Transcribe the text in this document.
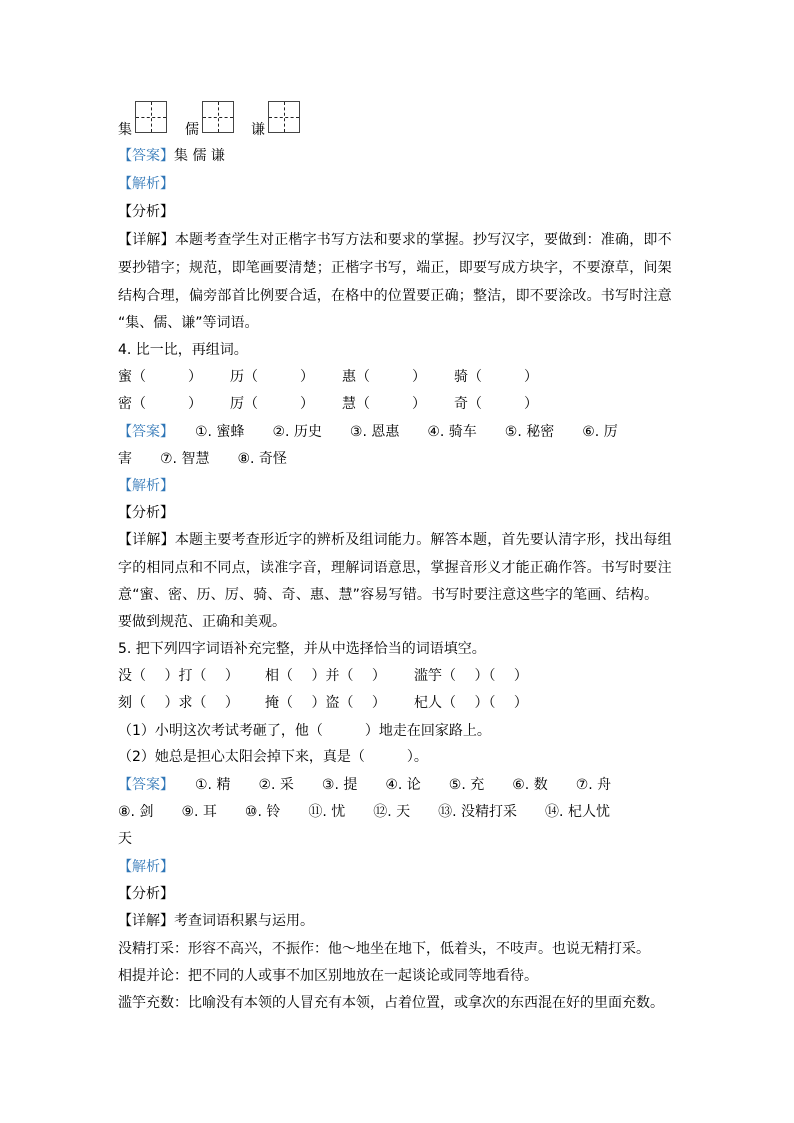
集	儒	谦
【答案】集 儒 谦
【解析】
【分析】
【详解】本题考查学生对正楷字书写方法和要求的掌握。抄写汉字，要做到：准确，即不
要抄错字；规范，即笔画要清楚；正楷字书写，端正，即要写成方块字，不要潦草，间架
结构合理，偏旁部首比例要合适，在格中的位置要正确；整洁，即不要涂改。书写时注意
“集、儒、谦”等词语。
4. 比一比，再组词。
蜜（　　　） 历（　　　） 惠（　　　） 骑（　　　）
密（　　　） 厉（　　　） 慧（　　　） 奇（　　　）
【答案】　　①. 蜜蜂　　②. 历史　　③. 恩惠　　④. 骑车　　⑤. 秘密　　⑥. 厉
害　　⑦. 智慧　　⑧. 奇怪
【解析】
【分析】
【详解】本题主要考查形近字的辨析及组词能力。解答本题，首先要认清字形，找出每组
字的相同点和不同点，读准字音，理解词语意思，掌握音形义才能正确作答。书写时要注
意“蜜、密、历、厉、骑、奇、惠、慧”容易写错。书写时要注意这些字的笔画、结构。
要做到规范、正确和美观。
5. 把下列四字词语补充完整，并从中选择恰当的词语填空。
没（　 ）打（　 ） 相（　 ）并（　 ） 滥竽（　 ）（　 ）
刻（　 ）求（　 ） 掩（　 ）盗（　 ） 杞人（　 ）（　 ）
（1）小明这次考试考砸了，他（　　　）地走在回家路上。
（2）她总是担心太阳会掉下来，真是（　　　）。
【答案】　　①. 精　　②. 采　　③. 提　　④. 论　　⑤. 充　　⑥. 数　　⑦. 舟
⑧. 剑　　⑨. 耳　　⑩. 铃　　⑪. 忧　　⑫. 天　　⑬. 没精打采　　⑭. 杞人忧
天
【解析】
【分析】
【详解】考查词语积累与运用。
没精打采：形容不高兴，不振作：他～地坐在地下，低着头，不吱声。也说无精打采。
相提并论：把不同的人或事不加区别地放在一起谈论或同等地看待。
滥竽充数：比喻没有本领的人冒充有本领，占着位置，或拿次的东西混在好的里面充数。
